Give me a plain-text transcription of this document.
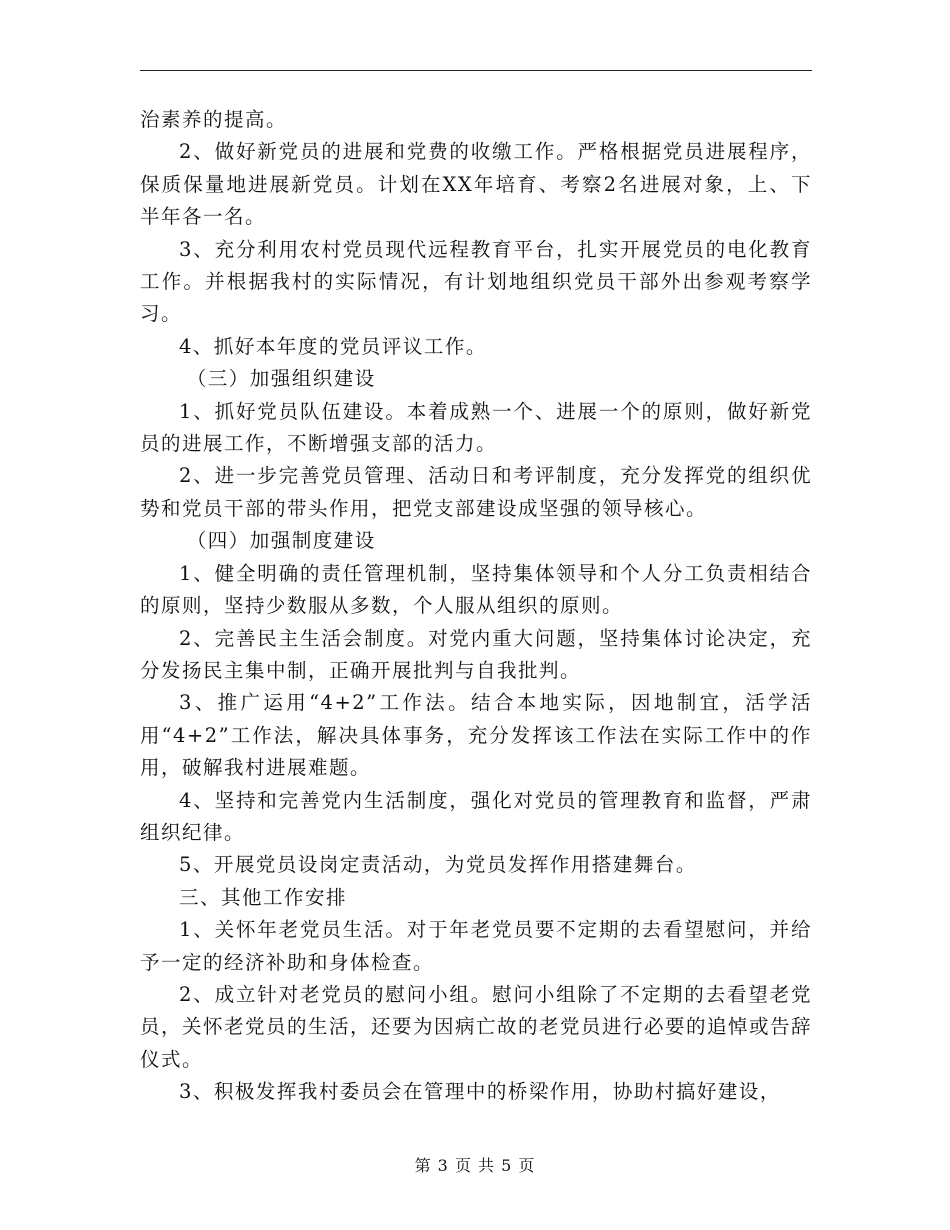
治素养的提高。

2、做好新党员的进展和党费的收缴工作。严格根据党员进展程序，保质保量地进展新党员。计划在XX年培育、考察2名进展对象，上、下半年各一名。

3、充分利用农村党员现代远程教育平台，扎实开展党员的电化教育工作。并根据我村的实际情况，有计划地组织党员干部外出参观考察学习。

4、抓好本年度的党员评议工作。

（三）加强组织建设

1、抓好党员队伍建设。本着成熟一个、进展一个的原则，做好新党员的进展工作，不断增强支部的活力。

2、进一步完善党员管理、活动日和考评制度，充分发挥党的组织优势和党员干部的带头作用，把党支部建设成坚强的领导核心。

（四）加强制度建设

1、健全明确的责任管理机制，坚持集体领导和个人分工负责相结合的原则，坚持少数服从多数，个人服从组织的原则。

2、完善民主生活会制度。对党内重大问题，坚持集体讨论决定，充分发扬民主集中制，正确开展批判与自我批判。

3、推广运用“4+2”工作法。结合本地实际，因地制宜，活学活用“4+2”工作法，解决具体事务，充分发挥该工作法在实际工作中的作用，破解我村进展难题。

4、坚持和完善党内生活制度，强化对党员的管理教育和监督，严肃组织纪律。

5、开展党员设岗定责活动，为党员发挥作用搭建舞台。

三、其他工作安排

1、关怀年老党员生活。对于年老党员要不定期的去看望慰问，并给予一定的经济补助和身体检查。

2、成立针对老党员的慰问小组。慰问小组除了不定期的去看望老党员，关怀老党员的生活，还要为因病亡故的老党员进行必要的追悼或告辞仪式。

3、积极发挥我村委员会在管理中的桥梁作用，协助村搞好建设，

第 3 页 共 5 页
